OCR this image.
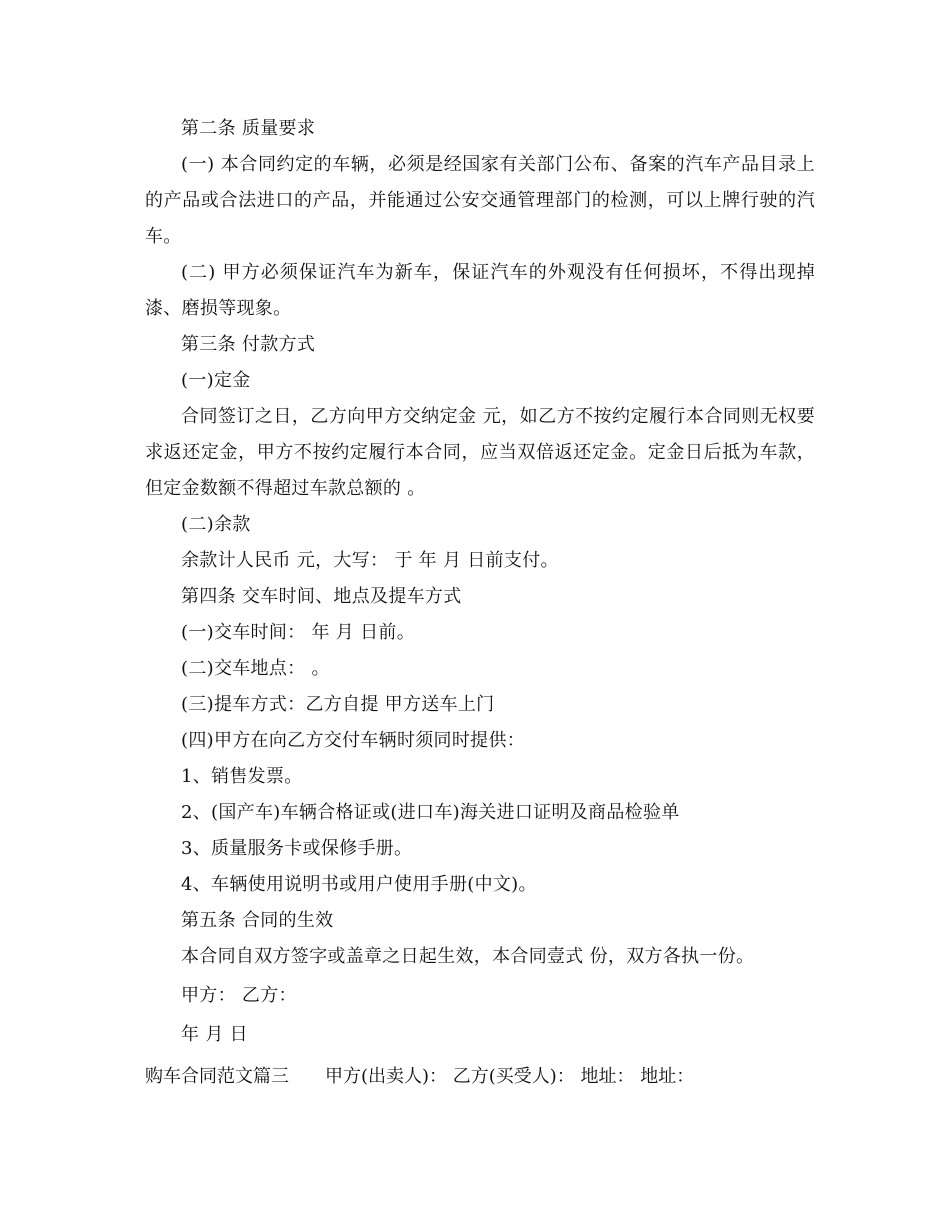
第二条 质量要求

(一) 本合同约定的车辆，必须是经国家有关部门公布、备案的汽车产品目录上的产品或合法进口的产品，并能通过公安交通管理部门的检测，可以上牌行驶的汽车。

(二) 甲方必须保证汽车为新车，保证汽车的外观没有任何损坏，不得出现掉漆、磨损等现象。

第三条 付款方式

(一)定金

合同签订之日，乙方向甲方交纳定金 元，如乙方不按约定履行本合同则无权要求返还定金，甲方不按约定履行本合同，应当双倍返还定金。定金日后抵为车款，但定金数额不得超过车款总额的 。

(二)余款

余款计人民币 元，大写： 于 年 月 日前支付。

第四条 交车时间、地点及提车方式

(一)交车时间： 年 月 日前。

(二)交车地点： 。

(三)提车方式：乙方自提 甲方送车上门

(四)甲方在向乙方交付车辆时须同时提供：

1、销售发票。

2、(国产车)车辆合格证或(进口车)海关进口证明及商品检验单

3、质量服务卡或保修手册。

4、车辆使用说明书或用户使用手册(中文)。

第五条 合同的生效

本合同自双方签字或盖章之日起生效，本合同壹式 份，双方各执一份。

甲方： 乙方：

年 月 日

购车合同范文篇三 甲方(出卖人)： 乙方(买受人)： 地址： 地址：
